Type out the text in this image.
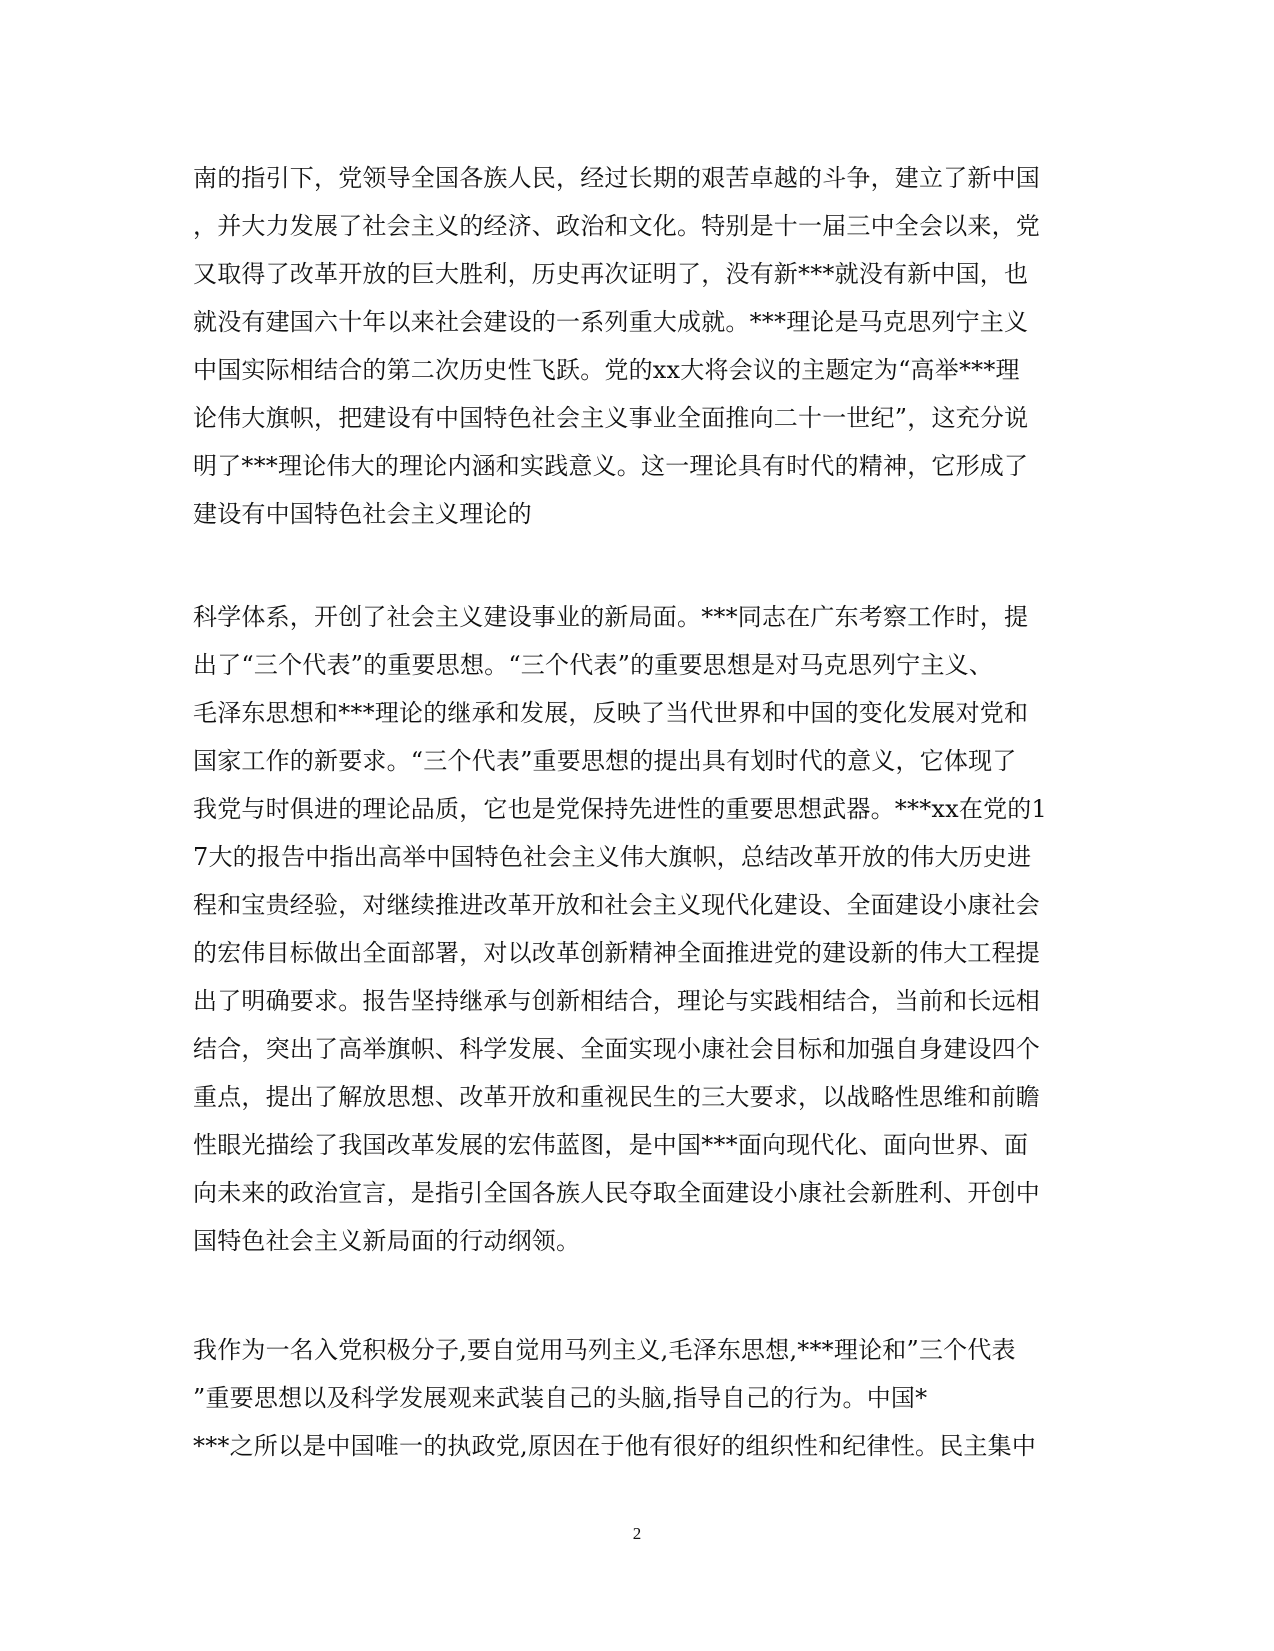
南的指引下，党领导全国各族人民，经过长期的艰苦卓越的斗争，建立了新中国
，并大力发展了社会主义的经济、政治和文化。特别是十一届三中全会以来，党
又取得了改革开放的巨大胜利，历史再次证明了，没有新***就没有新中国，也
就没有建国六十年以来社会建设的一系列重大成就。***理论是马克思列宁主义
中国实际相结合的第二次历史性飞跃。党的xx大将会议的主题定为“高举***理
论伟大旗帜，把建设有中国特色社会主义事业全面推向二十一世纪”，这充分说
明了***理论伟大的理论内涵和实践意义。这一理论具有时代的精神，它形成了
建设有中国特色社会主义理论的
科学体系，开创了社会主义建设事业的新局面。***同志在广东考察工作时，提
出了“三个代表”的重要思想。“三个代表”的重要思想是对马克思列宁主义、
毛泽东思想和***理论的继承和发展，反映了当代世界和中国的变化发展对党和
国家工作的新要求。“三个代表”重要思想的提出具有划时代的意义，它体现了
我党与时俱进的理论品质，它也是党保持先进性的重要思想武器。***xx在党的1
7大的报告中指出高举中国特色社会主义伟大旗帜，总结改革开放的伟大历史进
程和宝贵经验，对继续推进改革开放和社会主义现代化建设、全面建设小康社会
的宏伟目标做出全面部署，对以改革创新精神全面推进党的建设新的伟大工程提
出了明确要求。报告坚持继承与创新相结合，理论与实践相结合，当前和长远相
结合，突出了高举旗帜、科学发展、全面实现小康社会目标和加强自身建设四个
重点，提出了解放思想、改革开放和重视民生的三大要求，以战略性思维和前瞻
性眼光描绘了我国改革发展的宏伟蓝图，是中国***面向现代化、面向世界、面
向未来的政治宣言，是指引全国各族人民夺取全面建设小康社会新胜利、开创中
国特色社会主义新局面的行动纲领。
我作为一名入党积极分子,要自觉用马列主义,毛泽东思想,***理论和”三个代表
”重要思想以及科学发展观来武装自己的头脑,指导自己的行为。中国*
***之所以是中国唯一的执政党,原因在于他有很好的组织性和纪律性。民主集中
2
